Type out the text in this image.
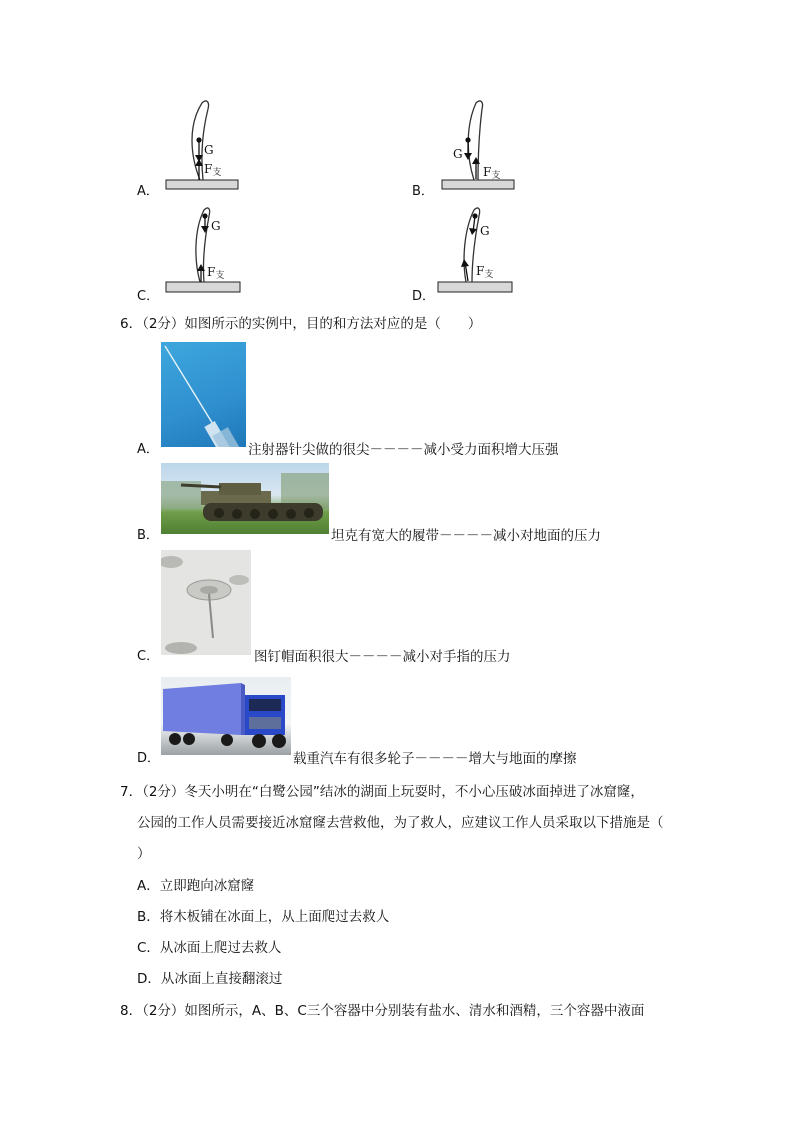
A．
G
$F_支$
B．
G
$F_支$
C．
G
$F_支$
D．
G
$F_支$
6．（2分）如图所示的实例中，目的和方法对应的是（　　）
A．	注射器针尖做的很尖－－－－减小受力面积增大压强
B．	坦克有宽大的履带－－－－减小对地面的压力
C．	图钉帽面积很大－－－－减小对手指的压力
D．	载重汽车有很多轮子－－－－增大与地面的摩擦
7．（2分）冬天小明在“白鹭公园”结冰的湖面上玩耍时，不小心压破冰面掉进了冰窟窿，
公园的工作人员需要接近冰窟窿去营救他，为了救人，应建议工作人员采取以下措施是（
）
A．立即跑向冰窟窿
B．将木板铺在冰面上，从上面爬过去救人
C．从冰面上爬过去救人
D．从冰面上直接翻滚过
8．（2分）如图所示，A、B、C三个容器中分别装有盐水、清水和酒精，三个容器中液面
